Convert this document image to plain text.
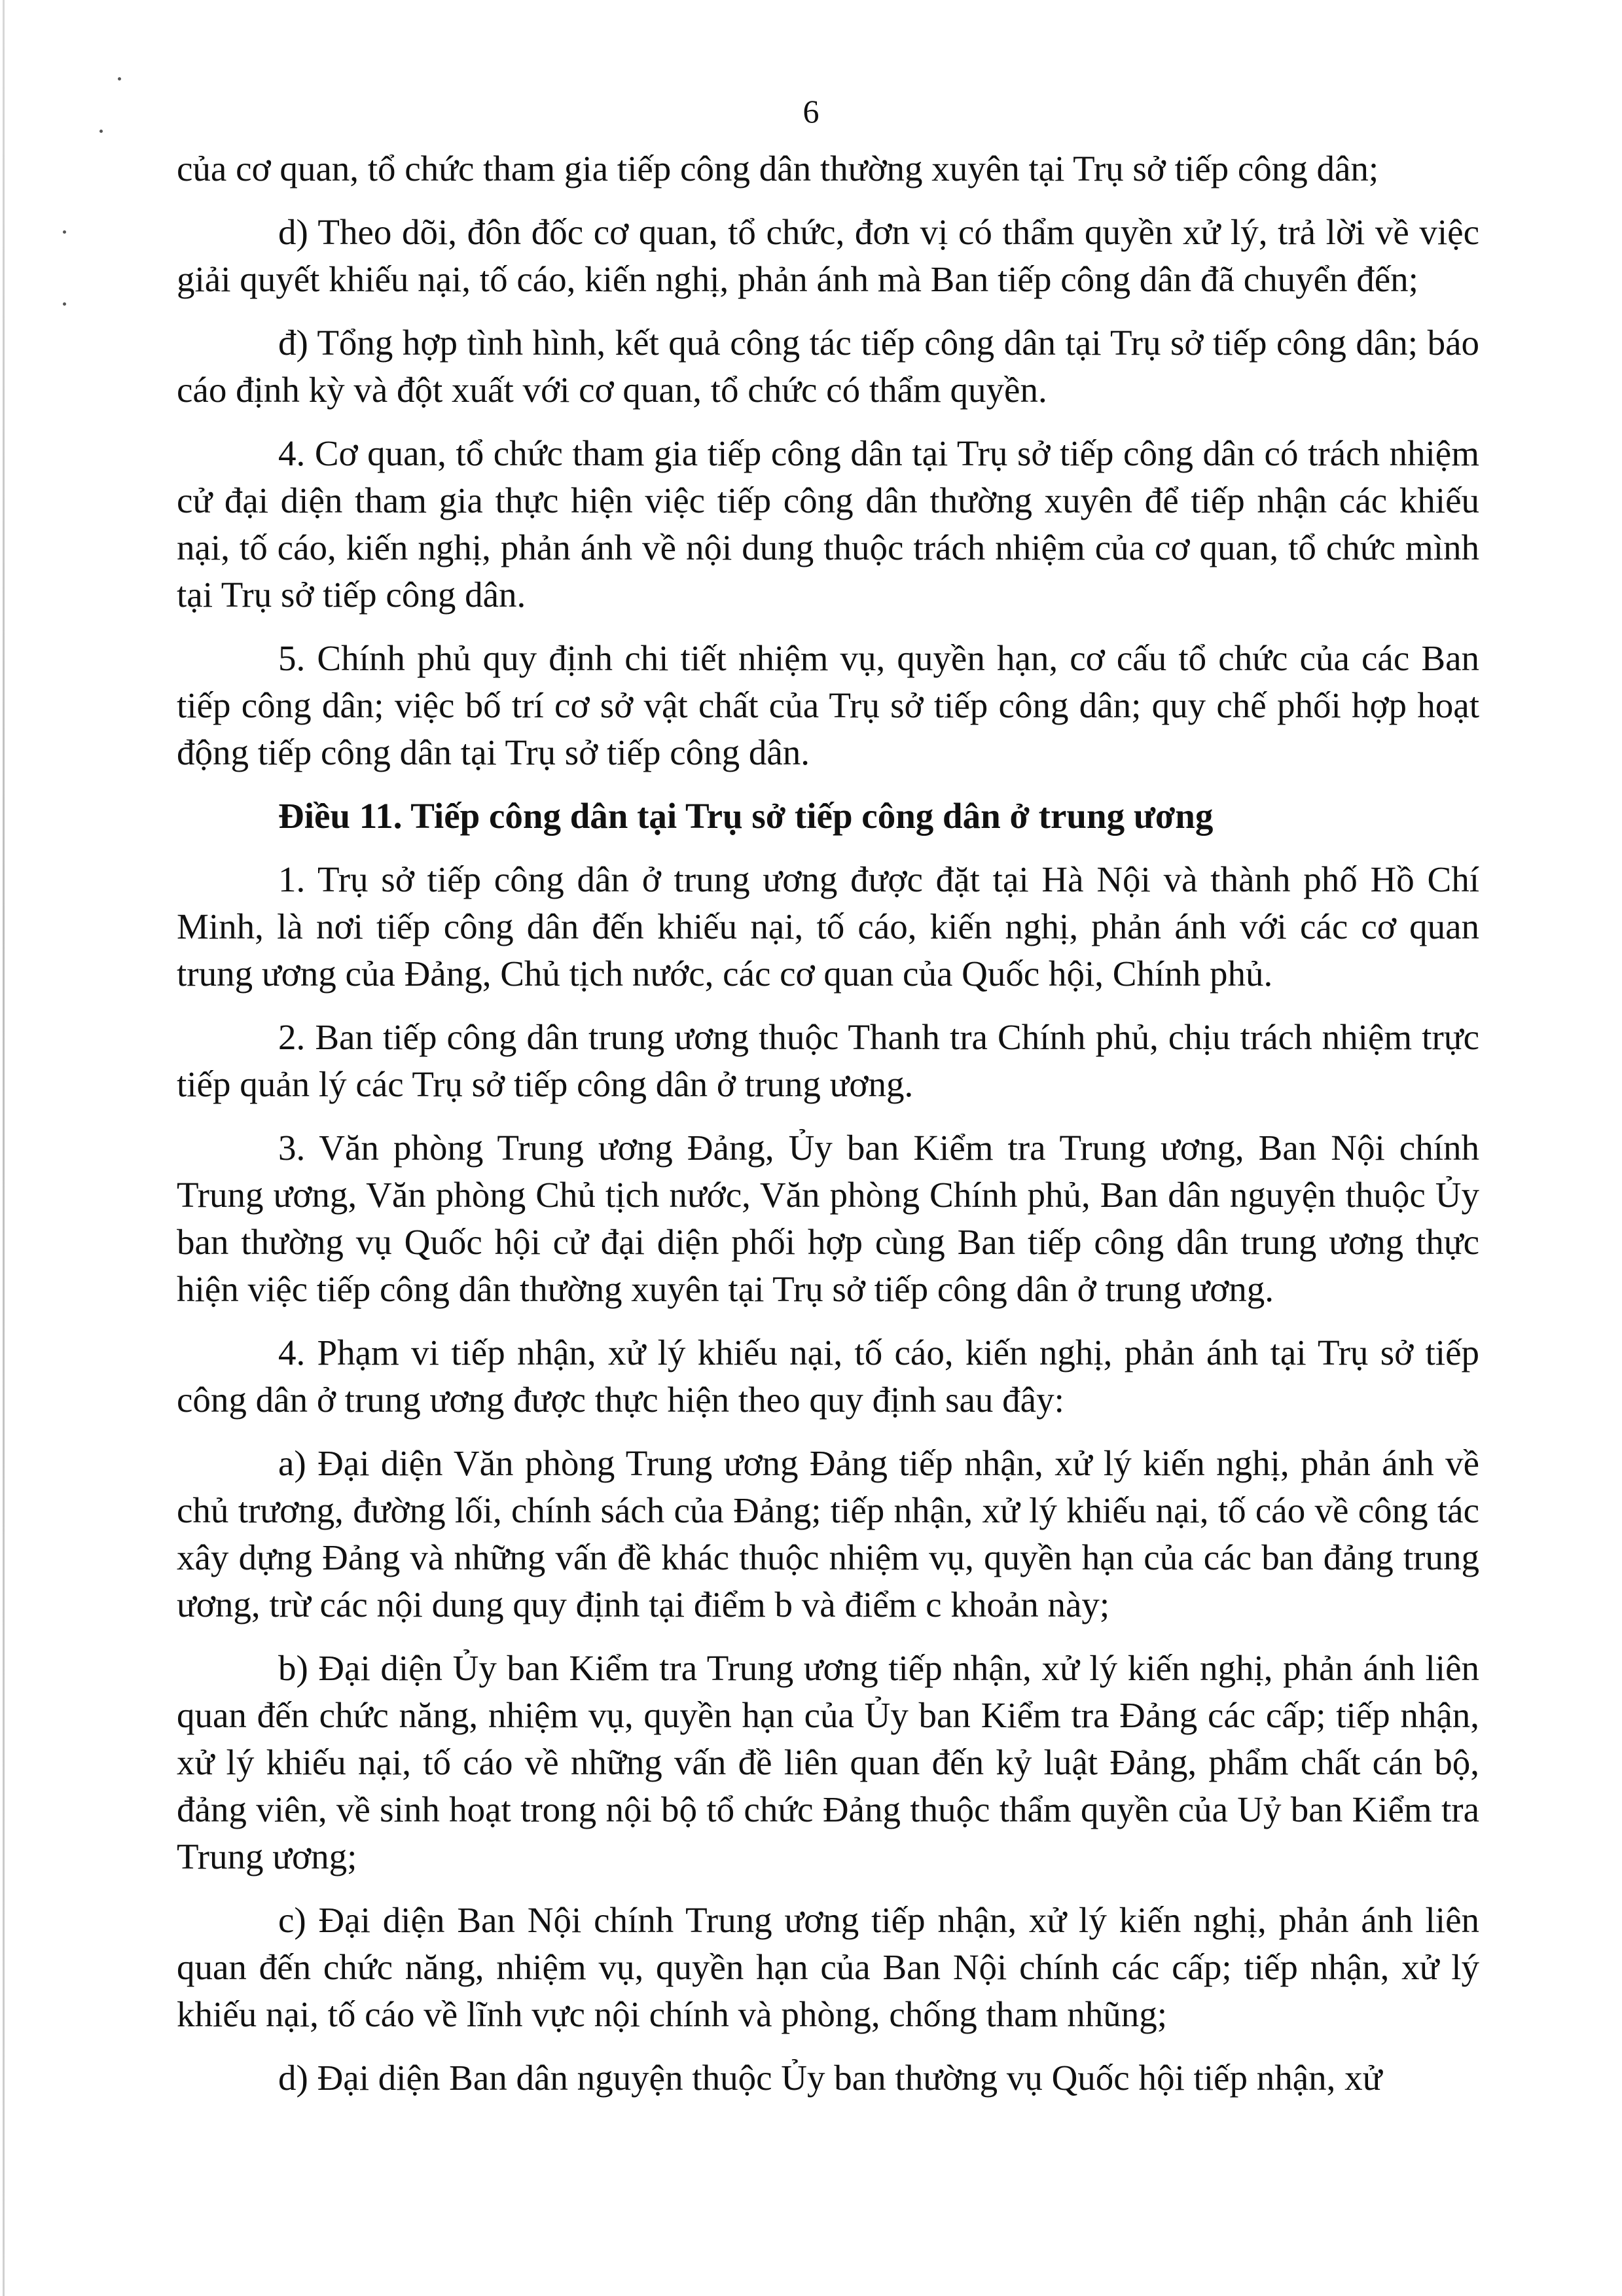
6

của cơ quan, tổ chức tham gia tiếp công dân thường xuyên tại Trụ sở tiếp công dân;

d) Theo dõi, đôn đốc cơ quan, tổ chức, đơn vị có thẩm quyền xử lý, trả lời về việc giải quyết khiếu nại, tố cáo, kiến nghị, phản ánh mà Ban tiếp công dân đã chuyển đến;

đ) Tổng hợp tình hình, kết quả công tác tiếp công dân tại Trụ sở tiếp công dân; báo cáo định kỳ và đột xuất với cơ quan, tổ chức có thẩm quyền.

4. Cơ quan, tổ chức tham gia tiếp công dân tại Trụ sở tiếp công dân có trách nhiệm cử đại diện tham gia thực hiện việc tiếp công dân thường xuyên để tiếp nhận các khiếu nại, tố cáo, kiến nghị, phản ánh về nội dung thuộc trách nhiệm của cơ quan, tổ chức mình tại Trụ sở tiếp công dân.

5. Chính phủ quy định chi tiết nhiệm vụ, quyền hạn, cơ cấu tổ chức của các Ban tiếp công dân; việc bố trí cơ sở vật chất của Trụ sở tiếp công dân; quy chế phối hợp hoạt động tiếp công dân tại Trụ sở tiếp công dân.

Điều 11. Tiếp công dân tại Trụ sở tiếp công dân ở trung ương

1. Trụ sở tiếp công dân ở trung ương được đặt tại Hà Nội và thành phố Hồ Chí Minh, là nơi tiếp công dân đến khiếu nại, tố cáo, kiến nghị, phản ánh với các cơ quan trung ương của Đảng, Chủ tịch nước, các cơ quan của Quốc hội, Chính phủ.

2. Ban tiếp công dân trung ương thuộc Thanh tra Chính phủ, chịu trách nhiệm trực tiếp quản lý các Trụ sở tiếp công dân ở trung ương.

3. Văn phòng Trung ương Đảng, Ủy ban Kiểm tra Trung ương, Ban Nội chính Trung ương, Văn phòng Chủ tịch nước, Văn phòng Chính phủ, Ban dân nguyện thuộc Ủy ban thường vụ Quốc hội cử đại diện phối hợp cùng Ban tiếp công dân trung ương thực hiện việc tiếp công dân thường xuyên tại Trụ sở tiếp công dân ở trung ương.

4. Phạm vi tiếp nhận, xử lý khiếu nại, tố cáo, kiến nghị, phản ánh tại Trụ sở tiếp công dân ở trung ương được thực hiện theo quy định sau đây:

a) Đại diện Văn phòng Trung ương Đảng tiếp nhận, xử lý kiến nghị, phản ánh về chủ trương, đường lối, chính sách của Đảng; tiếp nhận, xử lý khiếu nại, tố cáo về công tác xây dựng Đảng và những vấn đề khác thuộc nhiệm vụ, quyền hạn của các ban đảng trung ương, trừ các nội dung quy định tại điểm b và điểm c khoản này;

b) Đại diện Ủy ban Kiểm tra Trung ương tiếp nhận, xử lý kiến nghị, phản ánh liên quan đến chức năng, nhiệm vụ, quyền hạn của Ủy ban Kiểm tra Đảng các cấp; tiếp nhận, xử lý khiếu nại, tố cáo về những vấn đề liên quan đến kỷ luật Đảng, phẩm chất cán bộ, đảng viên, về sinh hoạt trong nội bộ tổ chức Đảng thuộc thẩm quyền của Uỷ ban Kiểm tra Trung ương;

c) Đại diện Ban Nội chính Trung ương tiếp nhận, xử lý kiến nghị, phản ánh liên quan đến chức năng, nhiệm vụ, quyền hạn của Ban Nội chính các cấp; tiếp nhận, xử lý khiếu nại, tố cáo về lĩnh vực nội chính và phòng, chống tham nhũng;

d) Đại diện Ban dân nguyện thuộc Ủy ban thường vụ Quốc hội tiếp nhận, xử
